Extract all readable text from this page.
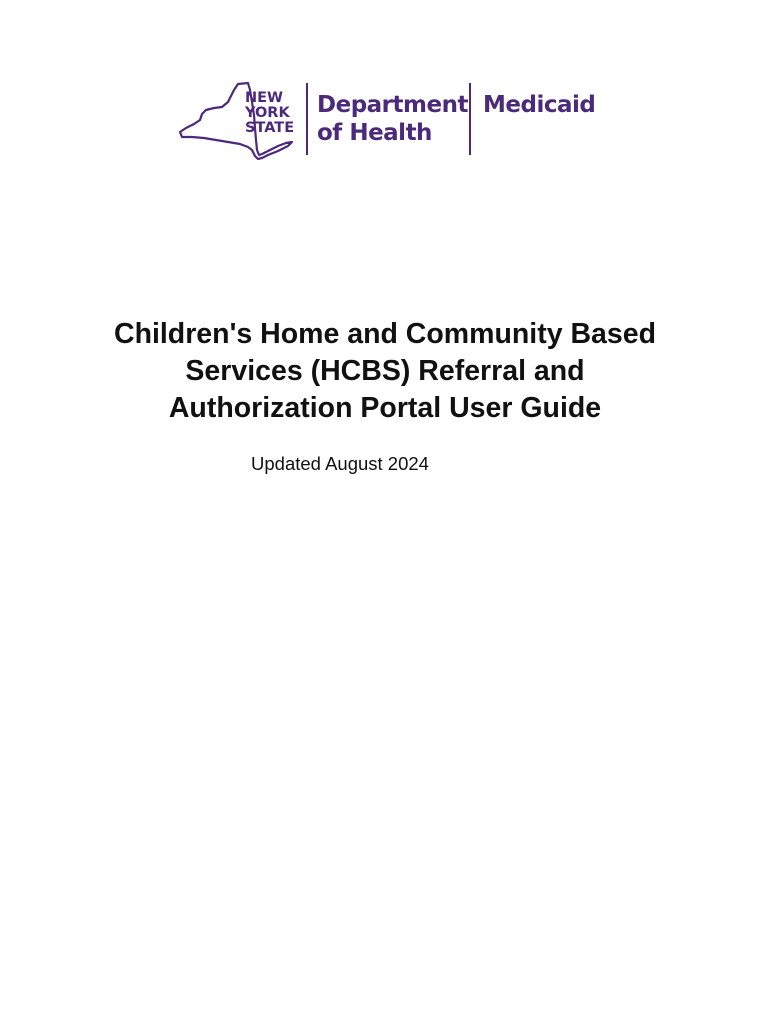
NEW
YORK
STATE
Department
of Health
Medicaid
Children's Home and Community Based
Services (HCBS) Referral and
Authorization Portal User Guide
Updated August 2024
